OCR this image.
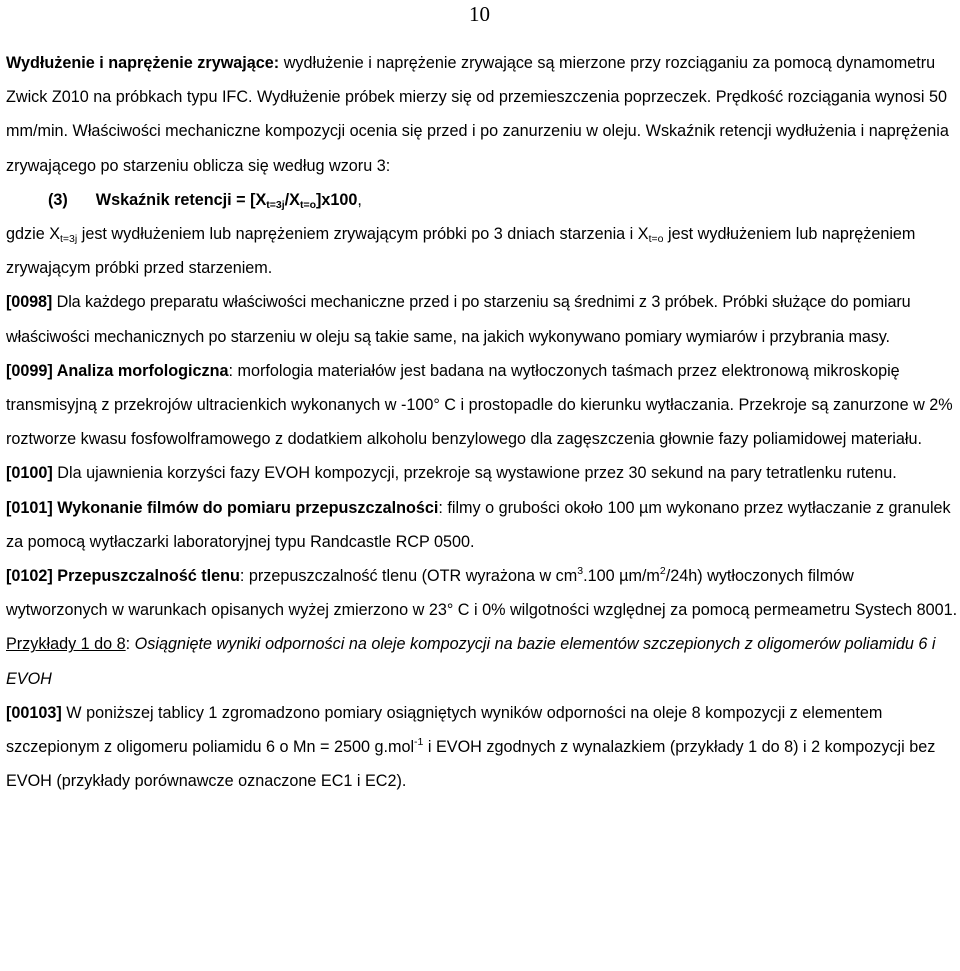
10

Wydłużenie i naprężenie zrywające: wydłużenie i naprężenie zrywające są mierzone przy rozciąganiu za pomocą dynamometru Zwick Z010 na próbkach typu IFC. Wydłużenie próbek mierzy się od przemieszczenia poprzeczek. Prędkość rozciągania wynosi 50 mm/min. Właściwości mechaniczne kompozycji ocenia się przed i po zanurzeniu w oleju. Wskaźnik retencji wydłużenia i naprężenia zrywającego po starzeniu oblicza się według wzoru 3:

(3) Wskaźnik retencji = $[X_{t=3j}/X_{t=o}]x100$,

gdzie $X_{t=3j}$ jest wydłużeniem lub naprężeniem zrywającym próbki po 3 dniach starzenia i $X_{t=o}$ jest wydłużeniem lub naprężeniem zrywającym próbki przed starzeniem.

[0098] Dla każdego preparatu właściwości mechaniczne przed i po starzeniu są średnimi z 3 próbek. Próbki służące do pomiaru właściwości mechanicznych po starzeniu w oleju są takie same, na jakich wykonywano pomiary wymiarów i przybrania masy.

[0099] Analiza morfologiczna: morfologia materiałów jest badana na wytłoczonych taśmach przez elektronową mikroskopię transmisyjną z przekrojów ultracienkich wykonanych w -100° C i prostopadle do kierunku wytłaczania. Przekroje są zanurzone w 2% roztworze kwasu fosfowolframowego z dodatkiem alkoholu benzylowego dla zagęszczenia głownie fazy poliamidowej materiału.

[0100] Dla ujawnienia korzyści fazy EVOH kompozycji, przekroje są wystawione przez 30 sekund na pary tetratlenku rutenu.

[0101] Wykonanie filmów do pomiaru przepuszczalności: filmy o grubości około 100 µm wykonano przez wytłaczanie z granulek za pomocą wytłaczarki laboratoryjnej typu Randcastle RCP 0500.

[0102] Przepuszczalność tlenu: przepuszczalność tlenu (OTR wyrażona w $cm^3.100$ $\mu m/m^2/24h$) wytłoczonych filmów wytworzonych w warunkach opisanych wyżej zmierzono w 23° C i 0% wilgotności względnej za pomocą permeametru Systech 8001.

Przykłady 1 do 8: Osiągnięte wyniki odporności na oleje kompozycji na bazie elementów szczepionych z oligomerów poliamidu 6 i EVOH

[00103] W poniższej tablicy 1 zgromadzono pomiary osiągniętych wyników odporności na oleje 8 kompozycji z elementem szczepionym z oligomeru poliamidu 6 o Mn = 2500 g.mol$^{-1}$ i EVOH zgodnych z wynalazkiem (przykłady 1 do 8) i 2 kompozycji bez EVOH (przykłady porównawcze oznaczone EC1 i EC2).
